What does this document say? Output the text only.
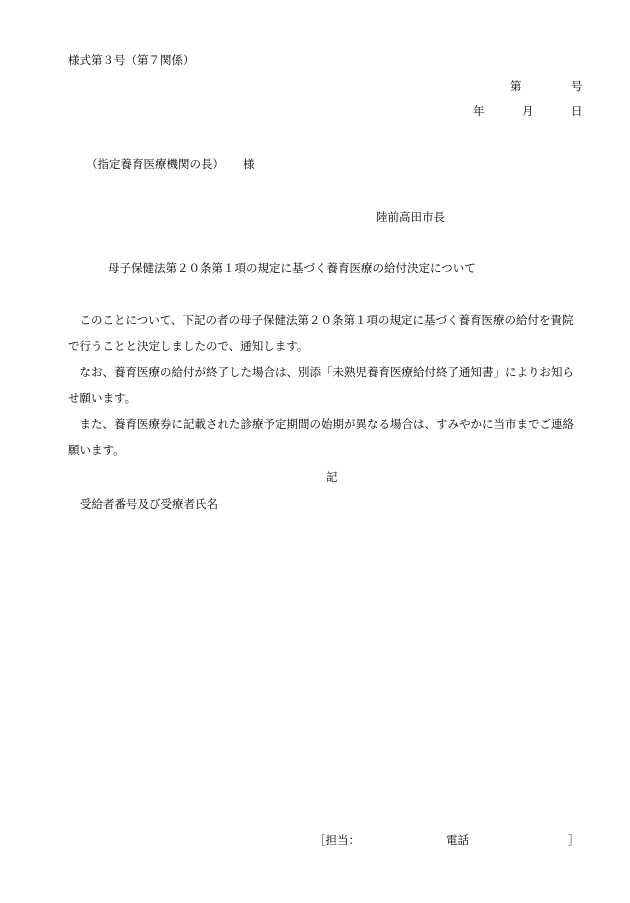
様式第３号（第７関係）
第	号
年	月	日
（指定養育医療機関の長） 様
陸前高田市長
母子保健法第２０条第１項の規定に基づく養育医療の給付決定について

このことについて、下記の者の母子保健法第２０条第１項の規定に基づく養育医療の給付を貴院で行うことと決定しましたので、通知します。

なお、養育医療の給付が終了した場合は、別添「未熟児養育医療給付終了通知書」によりお知らせ願います。

また、養育医療券に記載された診療予定期間の始期が異なる場合は、すみやかに当市までご連絡願います。

記
受給者番号及び受療者氏名
［担当：	電話	］
